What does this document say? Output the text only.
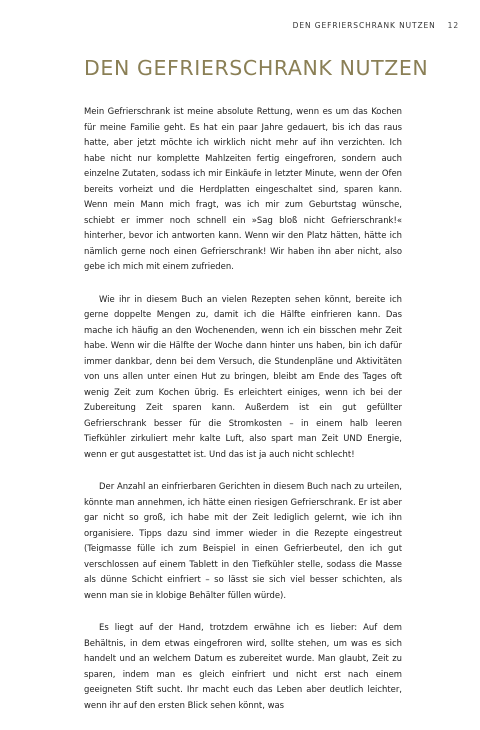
DEN GEFRIERSCHRANK NUTZEN 12
DEN GEFRIERSCHRANK NUTZEN

Mein Gefrierschrank ist meine absolute Rettung, wenn es um das Kochen für meine Familie geht. Es hat ein paar Jahre gedauert, bis ich das raus hatte, aber jetzt möchte ich wirklich nicht mehr auf ihn verzichten. Ich habe nicht nur komplette Mahlzeiten fertig eingefroren, sondern auch einzelne Zutaten, sodass ich mir Einkäufe in letzter Minute, wenn der Ofen bereits vorheizt und die Herdplatten eingeschaltet sind, sparen kann. Wenn mein Mann mich fragt, was ich mir zum Geburtstag wünsche, schiebt er immer noch schnell ein »Sag bloß nicht Gefrierschrank!« hinterher, bevor ich antworten kann. Wenn wir den Platz hätten, hätte ich nämlich gerne noch einen Gefrierschrank! Wir haben ihn aber nicht, also gebe ich mich mit einem zufrieden.

Wie ihr in diesem Buch an vielen Rezepten sehen könnt, bereite ich gerne doppelte Mengen zu, damit ich die Hälfte einfrieren kann. Das mache ich häufig an den Wochenenden, wenn ich ein bisschen mehr Zeit habe. Wenn wir die Hälfte der Woche dann hinter uns haben, bin ich dafür immer dankbar, denn bei dem Versuch, die Stundenpläne und Aktivitäten von uns allen unter einen Hut zu bringen, bleibt am Ende des Tages oft wenig Zeit zum Kochen übrig. Es erleichtert einiges, wenn ich bei der Zubereitung Zeit sparen kann. Außerdem ist ein gut gefüllter Gefrierschrank besser für die Stromkosten – in einem halb leeren Tiefkühler zirkuliert mehr kalte Luft, also spart man Zeit UND Energie, wenn er gut ausgestattet ist. Und das ist ja auch nicht schlecht!

Der Anzahl an einfrierbaren Gerichten in diesem Buch nach zu urteilen, könnte man annehmen, ich hätte einen riesigen Gefrierschrank. Er ist aber gar nicht so groß, ich habe mit der Zeit lediglich gelernt, wie ich ihn organisiere. Tipps dazu sind immer wieder in die Rezepte eingestreut (Teigmasse fülle ich zum Beispiel in einen Gefrierbeutel, den ich gut verschlossen auf einem Tablett in den Tiefkühler stelle, sodass die Masse als dünne Schicht einfriert – so lässt sie sich viel besser schichten, als wenn man sie in klobige Behälter füllen würde).

Es liegt auf der Hand, trotzdem erwähne ich es lieber: Auf dem Behältnis, in dem etwas eingefroren wird, sollte stehen, um was es sich handelt und an welchem Datum es zubereitet wurde. Man glaubt, Zeit zu sparen, indem man es gleich einfriert und nicht erst nach einem geeigneten Stift sucht. Ihr macht euch das Leben aber deutlich leichter, wenn ihr auf den ersten Blick sehen könnt, was
